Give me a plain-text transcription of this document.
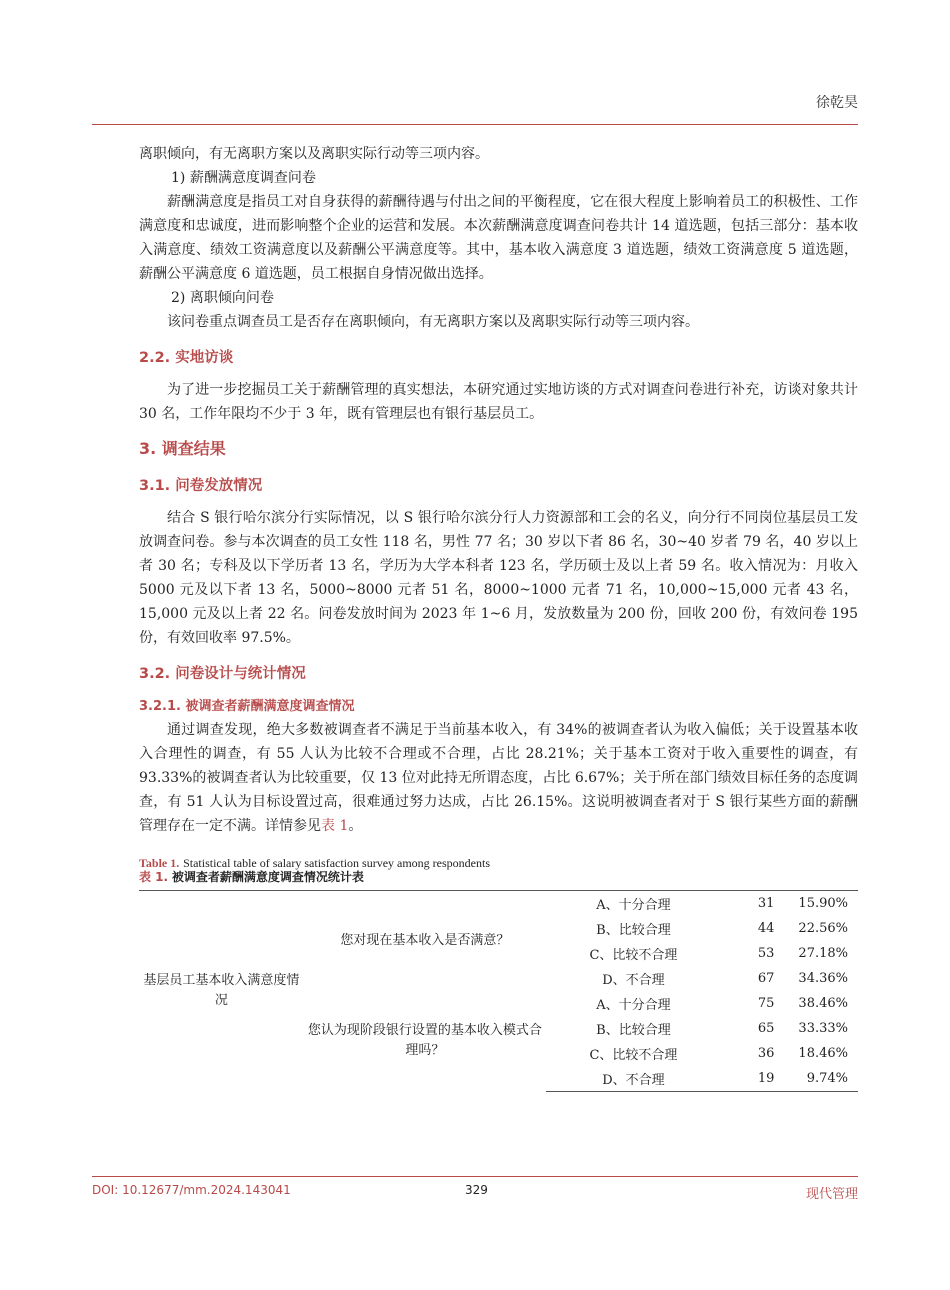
徐乾昊

离职倾向，有无离职方案以及离职实际行动等三项内容。

1) 薪酬满意度调查问卷

薪酬满意度是指员工对自身获得的薪酬待遇与付出之间的平衡程度，它在很大程度上影响着员工的积极性、工作满意度和忠诚度，进而影响整个企业的运营和发展。本次薪酬满意度调查问卷共计 14 道选题，包括三部分：基本收入满意度、绩效工资满意度以及薪酬公平满意度等。其中，基本收入满意度 3 道选题，绩效工资满意度 5 道选题，薪酬公平满意度 6 道选题，员工根据自身情况做出选择。

2) 离职倾向问卷

该问卷重点调查员工是否存在离职倾向，有无离职方案以及离职实际行动等三项内容。

2.2. 实地访谈

为了进一步挖掘员工关于薪酬管理的真实想法，本研究通过实地访谈的方式对调查问卷进行补充，访谈对象共计 30 名，工作年限均不少于 3 年，既有管理层也有银行基层员工。

3. 调查结果
3.1. 问卷发放情况

结合 S 银行哈尔滨分行实际情况，以 S 银行哈尔滨分行人力资源部和工会的名义，向分行不同岗位基层员工发放调查问卷。参与本次调查的员工女性 118 名，男性 77 名；30 岁以下者 86 名，30~40 岁者 79 名，40 岁以上者 30 名；专科及以下学历者 13 名，学历为大学本科者 123 名，学历硕士及以上者 59 名。收入情况为：月收入 5000 元及以下者 13 名，5000~8000 元者 51 名，8000~1000 元者 71 名，10,000~15,000 元者 43 名，15,000 元及以上者 22 名。问卷发放时间为 2023 年 1~6 月，发放数量为 200 份，回收 200 份，有效问卷 195 份，有效回收率 97.5%。

3.2. 问卷设计与统计情况
3.2.1. 被调查者薪酬满意度调查情况

通过调查发现，绝大多数被调查者不满足于当前基本收入，有 34%的被调查者认为收入偏低；关于设置基本收入合理性的调查，有 55 人认为比较不合理或不合理，占比 28.21%；关于基本工资对于收入重要性的调查，有 93.33%的被调查者认为比较重要，仅 13 位对此持无所谓态度，占比 6.67%；关于所在部门绩效目标任务的态度调查，有 51 人认为目标设置过高，很难通过努力达成，占比 26.15%。这说明被调查者对于 S 银行某些方面的薪酬管理存在一定不满。详情参见表 1。

Table 1. Statistical table of salary satisfaction survey among respondents
表 1. 被调查者薪酬满意度调查情况统计表
基层员工基本收入满意度情况	您对现在基本收入是否满意？	A、十分合理	31	15.90%
		B、比较合理	44	22.56%
		C、比较不合理	53	27.18%
		D、不合理	67	34.36%
	您认为现阶段银行设置的基本收入模式合理吗？	A、十分合理	75	38.46%
		B、比较合理	65	33.33%
		C、比较不合理	36	18.46%
		D、不合理	19	9.74%
DOI: 10.12677/mm.2024.143041	329	现代管理
